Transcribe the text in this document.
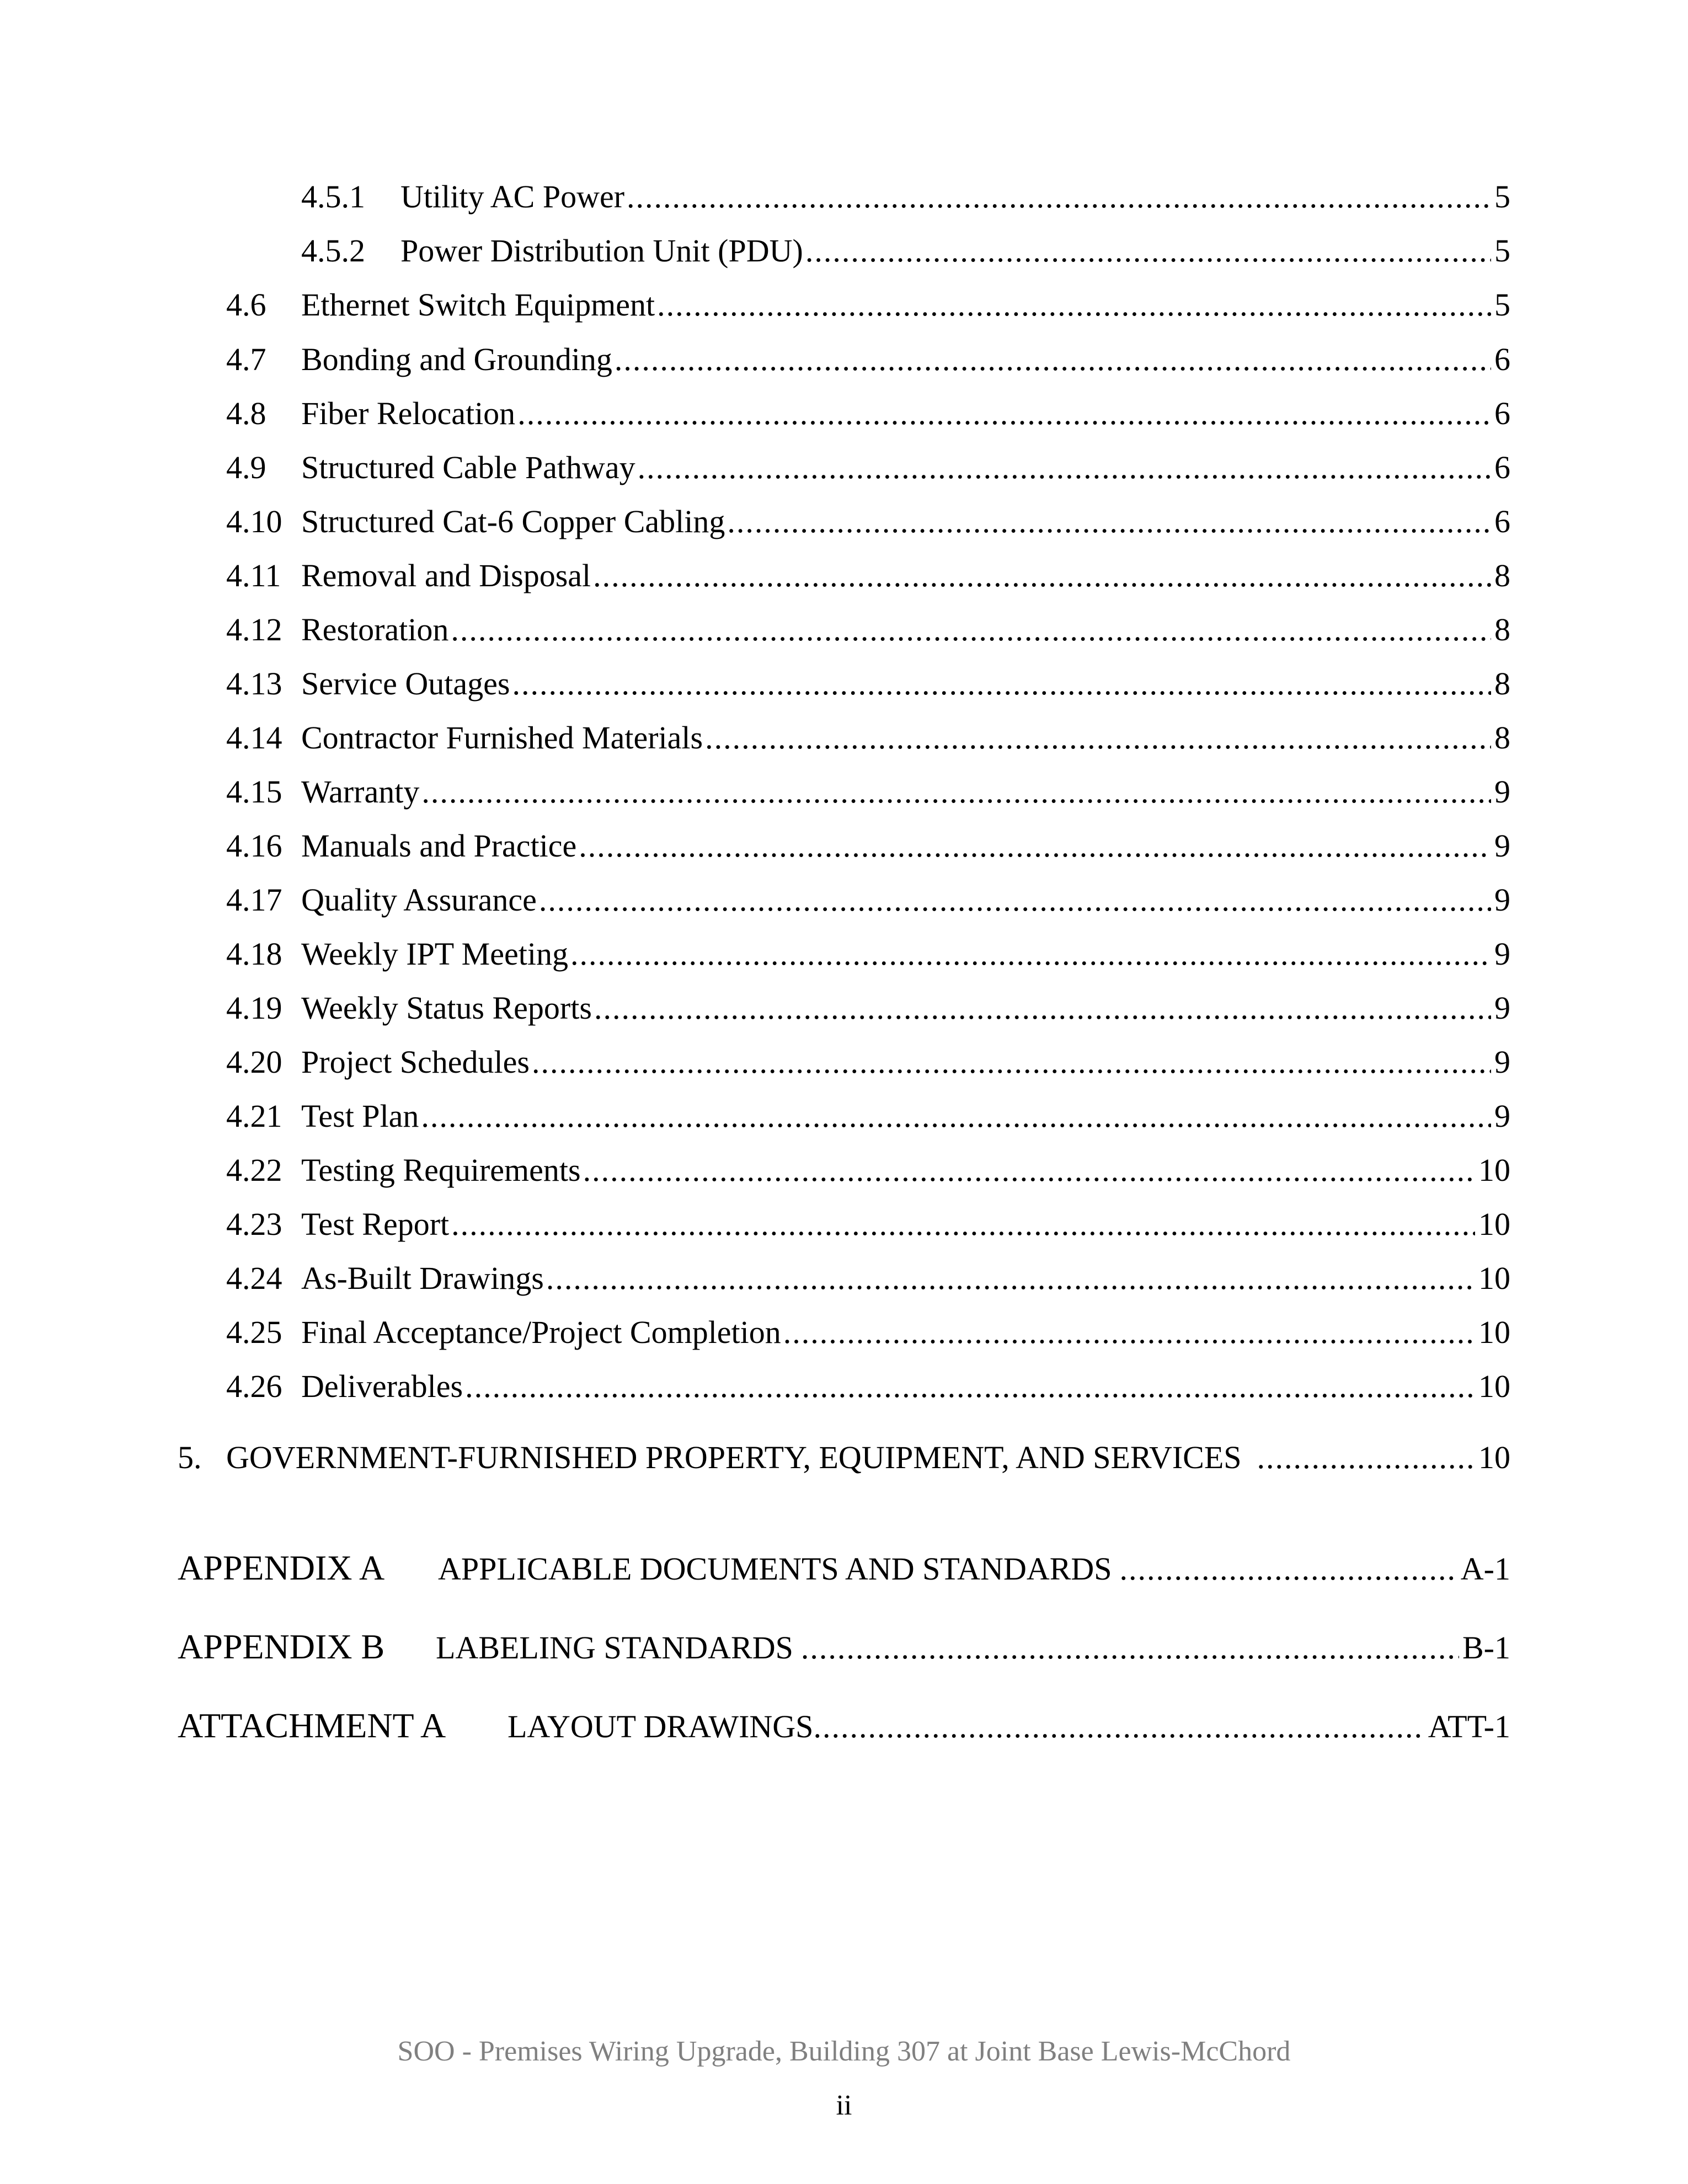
4.5.1	Utility AC Power .....	5
4.5.2	Power Distribution Unit (PDU) .....	5
4.6	Ethernet Switch Equipment .....	5
4.7	Bonding and Grounding .....	6
4.8	Fiber Relocation .....	6
4.9	Structured Cable Pathway .....	6
4.10 Structured Cat-6 Copper Cabling .....	6
4.11 Removal and Disposal .....	8
4.12 Restoration .....	8
4.13 Service Outages .....	8
4.14 Contractor Furnished Materials .....	8
4.15 Warranty .....	9
4.16 Manuals and Practice .....	9
4.17 Quality Assurance .....	9
4.18 Weekly IPT Meeting .....	9
4.19 Weekly Status Reports .....	9
4.20 Project Schedules .....	9
4.21 Test Plan .....	9
4.22 Testing Requirements .....	10
4.23 Test Report .....	10
4.24 As-Built Drawings .....	10
4.25 Final Acceptance/Project Completion .....	10
4.26 Deliverables .....	10
5. GOVERNMENT-FURNISHED PROPERTY, EQUIPMENT, AND SERVICES .....	10
APPENDIX A	APPLICABLE DOCUMENTS AND STANDARDS .....	A-1
APPENDIX B	LABELING STANDARDS .....	B-1
ATTACHMENT A	LAYOUT DRAWINGS .....	ATT-1
SOO - Premises Wiring Upgrade, Building 307 at Joint Base Lewis-McChord
ii
